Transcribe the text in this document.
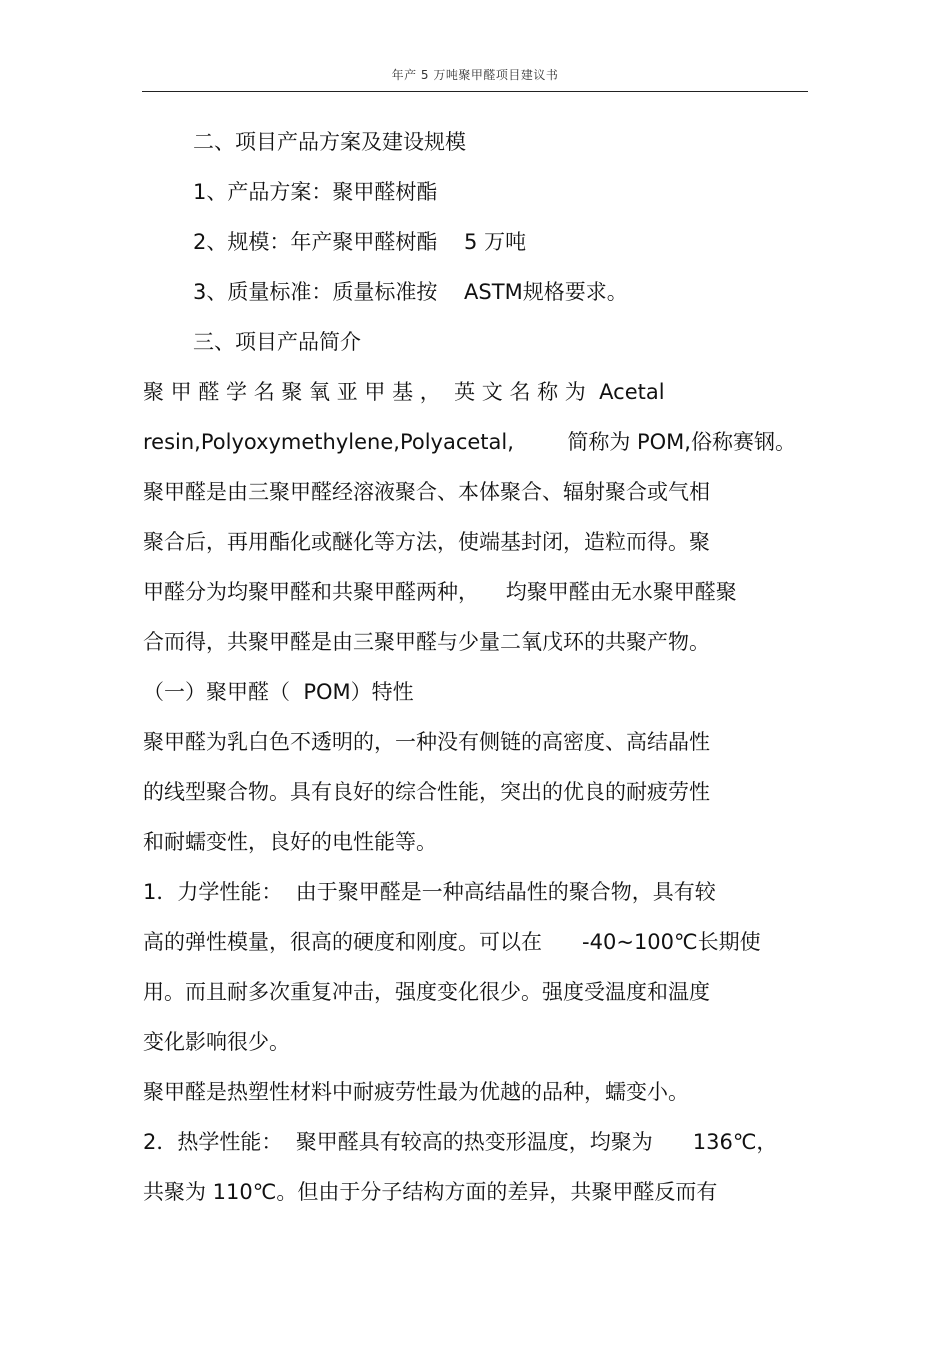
年产 5 万吨聚甲醛项目建议书
二、项目产品方案及建设规模
1、产品方案：聚甲醛树酯
2、规模：年产聚甲醛树酯    5 万吨
3、质量标准：质量标准按    ASTM规格要求。
三、项目产品简介
聚 甲 醛 学 名 聚 氧 亚 甲 基 ，  英 文 名 称 为  Acetal
resin,Polyoxymethylene,Polyacetal,        简称为 POM,俗称赛钢。
聚甲醛是由三聚甲醛经溶液聚合、本体聚合、辐射聚合或气相
聚合后，再用酯化或醚化等方法，使端基封闭，造粒而得。聚
甲醛分为均聚甲醛和共聚甲醛两种，    均聚甲醛由无水聚甲醛聚
合而得，共聚甲醛是由三聚甲醛与少量二氧戊环的共聚产物。
（一）聚甲醛（  POM）特性
聚甲醛为乳白色不透明的，一种没有侧链的高密度、高结晶性
的线型聚合物。具有良好的综合性能，突出的优良的耐疲劳性
和耐蠕变性，良好的电性能等。
1．力学性能：  由于聚甲醛是一种高结晶性的聚合物，具有较
高的弹性模量，很高的硬度和刚度。可以在      -40~100℃长期使
用。而且耐多次重复冲击，强度变化很少。强度受温度和温度
变化影响很少。
聚甲醛是热塑性材料中耐疲劳性最为优越的品种，蠕变小。
2．热学性能：  聚甲醛具有较高的热变形温度，均聚为      136℃，
共聚为 110℃。但由于分子结构方面的差异，共聚甲醛反而有
